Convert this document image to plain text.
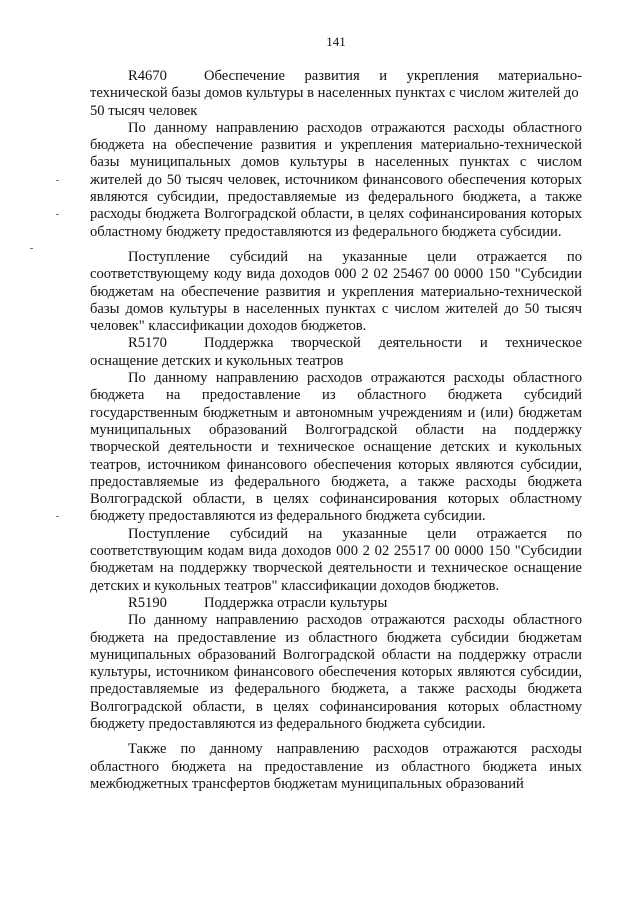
141
R4670	Обеспечение развития и укрепления материально-

технической базы домов культуры в населенных пунктах с числом жителей до 50 тысяч человек

По данному направлению расходов отражаются расходы областного бюджета на обеспечение развития и укрепления материально-технической базы муниципальных домов культуры в населенных пунктах с числом жителей до 50 тысяч человек, источником финансового обеспечения которых являются субсидии, предоставляемые из федерального бюджета, а также расходы бюджета Волгоградской области, в целях софинансирования которых областному бюджету предоставляются из федерального бюджета субсидии.

Поступление субсидий на указанные цели отражается по соответствующему коду вида доходов 000 2 02 25467 00 0000 150 "Субсидии бюджетам на обеспечение развития и укрепления материально-технической базы домов культуры в населенных пунктах с числом жителей до 50 тысяч человек" классификации доходов бюджетов.

R5170	Поддержка творческой деятельности и техническое

оснащение детских и кукольных театров

По данному направлению расходов отражаются расходы областного бюджета на предоставление из областного бюджета субсидий государственным бюджетным и автономным учреждениям и (или) бюджетам муниципальных образований Волгоградской области на поддержку творческой деятельности и техническое оснащение детских и кукольных театров, источником финансового обеспечения которых являются субсидии, предоставляемые из федерального бюджета, а также расходы бюджета Волгоградской области, в целях софинансирования которых областному бюджету предоставляются из федерального бюджета субсидии.

Поступление субсидий на указанные цели отражается по соответствующим кодам вида доходов 000 2 02 25517 00 0000 150 "Субсидии бюджетам на поддержку творческой деятельности и техническое оснащение детских и кукольных театров" классификации доходов бюджетов.

R5190	Поддержка отрасли культуры

По данному направлению расходов отражаются расходы областного бюджета на предоставление из областного бюджета субсидии бюджетам муниципальных образований Волгоградской области на поддержку отрасли культуры, источником финансового обеспечения которых являются субсидии, предоставляемые из федерального бюджета, а также расходы бюджета Волгоградской области, в целях софинансирования которых областному бюджету предоставляются из федерального бюджета субсидии.

Также по данному направлению расходов отражаются расходы областного бюджета на предоставление из областного бюджета иных межбюджетных трансфертов бюджетам муниципальных образований
